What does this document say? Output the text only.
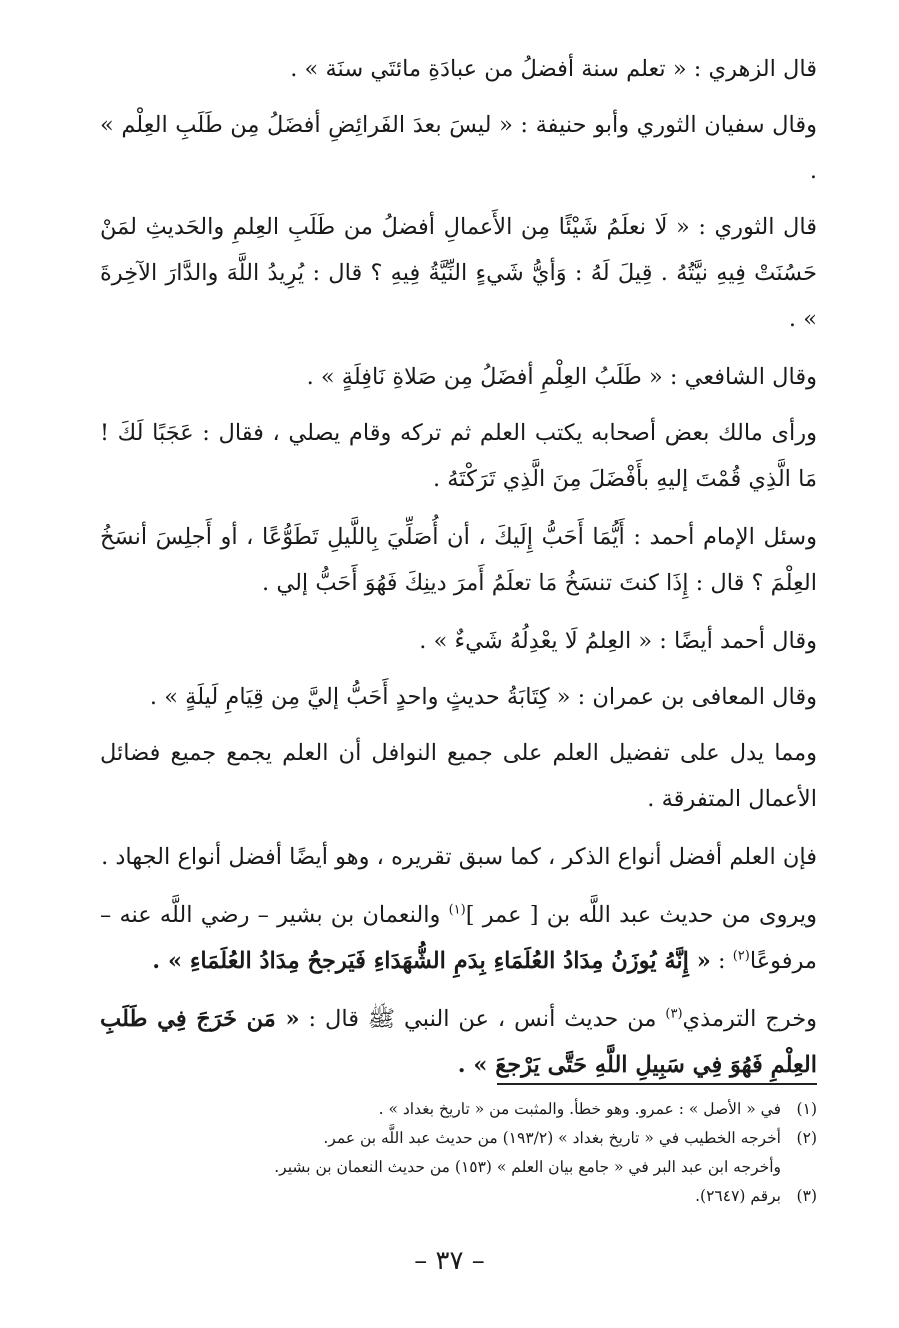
قال الزهري : « تعلم سنة أفضلُ من عبادَةِ مائتَي سنَة » .

وقال سفيان الثوري وأبو حنيفة : « ليسَ بعدَ الفَرائِضِ أفضَلُ مِن طَلَبِ العِلْم » .

قال الثوري : « لَا نعلَمُ شَيْئًا مِن الأَعمالِ أفضلُ من طَلَبِ العِلمِ والحَديثِ لمَنْ حَسُنَتْ فِيهِ نيَّتُهُ . قِيلَ لَهُ : وَأيُّ شَيءٍ النِّيَّةُ فِيهِ ؟ قال : يُرِيدُ اللَّهَ والدَّارَ الآخِرةَ » .

وقال الشافعي : « طَلَبُ العِلْمِ أفضَلُ مِن صَلاةِ نَافِلَةٍ » .

ورأى مالك بعض أصحابه يكتب العلم ثم تركه وقام يصلي ، فقال : عَجَبًا لَكَ ! مَا الَّذِي قُمْتَ إليهِ بأَفْضَلَ مِنَ الَّذِي تَرَكْتَهُ .

وسئل الإمام أحمد : أَيُّمَا أَحَبُّ إِلَيكَ ، أن أُصَلِّيَ بِاللَّيلِ تَطَوُّعًا ، أو أَجلِسَ أنسَخُ العِلْمَ ؟ قال : إِذَا كنتَ تنسَخُ مَا تعلَمُ أَمرَ دينِكَ فَهُوَ أَحَبُّ إلي .

وقال أحمد أيضًا : « العِلمُ لَا يعْدِلُهُ شَيءٌ » .

وقال المعافى بن عمران : « كِتَابَةُ حديثٍ واحدٍ أَحَبُّ إليَّ مِن قِيَامِ لَيلَةٍ » .

ومما يدل على تفضيل العلم على جميع النوافل أن العلم يجمع جميع فضائل الأعمال المتفرقة .

فإن العلم أفضل أنواع الذكر ، كما سبق تقريره ، وهو أيضًا أفضل أنواع الجهاد .

ويروى من حديث عبد اللَّه بن [ عمر ]$^{(١)}$ والنعمان بن بشير – رضي اللَّه عنه – مرفوعًا$^{(٢)}$ : « إِنَّهُ يُوزَنُ مِدَادُ العُلَمَاءِ بِدَمِ الشُّهَدَاءِ فَيَرجحُ مِدَادُ العُلَمَاءِ » .

وخرج الترمذي$^{(٣)}$ من حديث أنس ، عن النبي ﷺ قال : « مَن خَرَجَ فِي طَلَبِ العِلْمِ فَهُوَ فِي سَبِيلِ اللَّهِ حَتَّى يَرْجعَ » .

(١)في « الأصل » : عمرو. وهو خطأ. والمثبت من « تاريخ بغداد » .

(٢)أخرجه الخطيب في « تاريخ بغداد » (١٩٣/٢) من حديث عبد اللَّه بن عمر.

وأخرجه ابن عبد البر في « جامع بيان العلم » (١٥٣) من حديث النعمان بن بشير.

(٣)برقم (٢٦٤٧).

– ٣٧ –
